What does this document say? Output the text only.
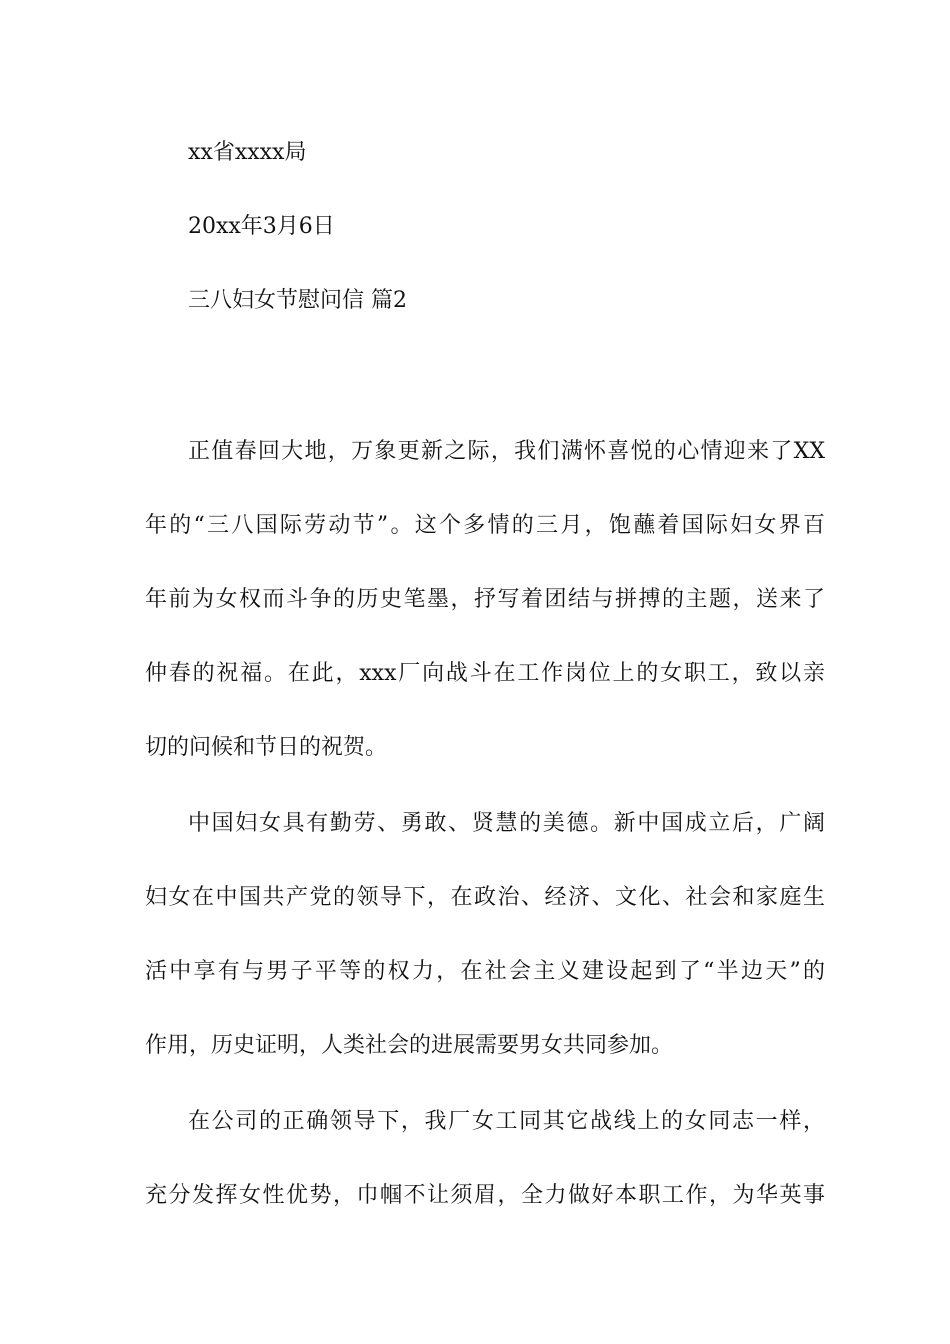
xx省xxxx局
20xx年3月6日
三八妇女节慰问信 篇2
正值春回大地，万象更新之际，我们满怀喜悦的心情迎来了XX
年的“三八国际劳动节”。这个多情的三月，饱蘸着国际妇女界百
年前为女权而斗争的历史笔墨，抒写着团结与拼搏的主题，送来了
仲春的祝福。在此，xxx厂向战斗在工作岗位上的女职工，致以亲
切的问候和节日的祝贺。
中国妇女具有勤劳、勇敢、贤慧的美德。新中国成立后，广阔
妇女在中国共产党的领导下，在政治、经济、文化、社会和家庭生
活中享有与男子平等的权力，在社会主义建设起到了“半边天”的
作用，历史证明，人类社会的进展需要男女共同参加。
在公司的正确领导下，我厂女工同其它战线上的女同志一样，
充分发挥女性优势，巾帼不让须眉，全力做好本职工作，为华英事
